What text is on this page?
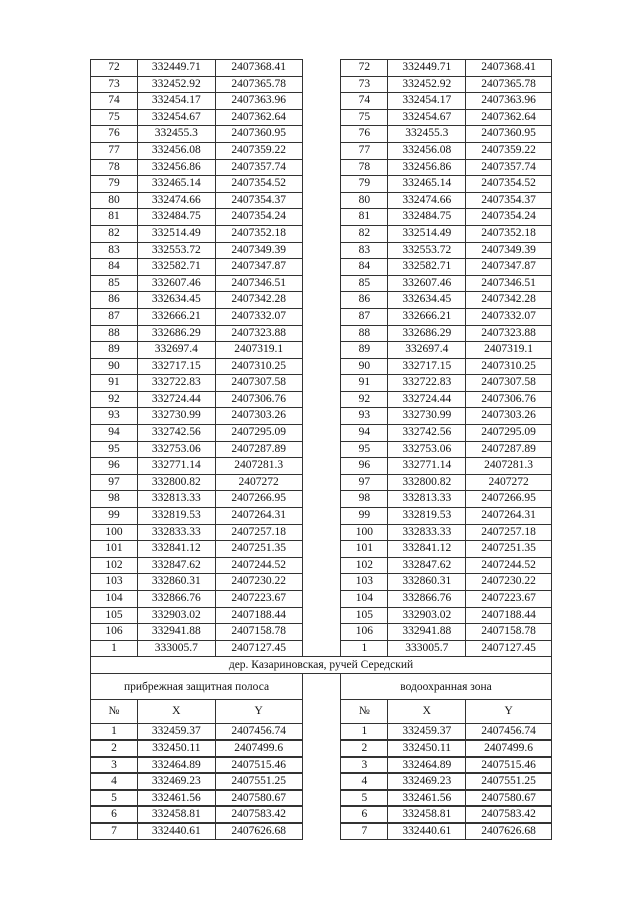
72	332449.71	2407368.41	72	332449.71	2407368.41
73	332452.92	2407365.78	73	332452.92	2407365.78
74	332454.17	2407363.96	74	332454.17	2407363.96
75	332454.67	2407362.64	75	332454.67	2407362.64
76	332455.3	2407360.95	76	332455.3	2407360.95
77	332456.08	2407359.22	77	332456.08	2407359.22
78	332456.86	2407357.74	78	332456.86	2407357.74
79	332465.14	2407354.52	79	332465.14	2407354.52
80	332474.66	2407354.37	80	332474.66	2407354.37
81	332484.75	2407354.24	81	332484.75	2407354.24
82	332514.49	2407352.18	82	332514.49	2407352.18
83	332553.72	2407349.39	83	332553.72	2407349.39
84	332582.71	2407347.87	84	332582.71	2407347.87
85	332607.46	2407346.51	85	332607.46	2407346.51
86	332634.45	2407342.28	86	332634.45	2407342.28
87	332666.21	2407332.07	87	332666.21	2407332.07
88	332686.29	2407323.88	88	332686.29	2407323.88
89	332697.4	2407319.1	89	332697.4	2407319.1
90	332717.15	2407310.25	90	332717.15	2407310.25
91	332722.83	2407307.58	91	332722.83	2407307.58
92	332724.44	2407306.76	92	332724.44	2407306.76
93	332730.99	2407303.26	93	332730.99	2407303.26
94	332742.56	2407295.09	94	332742.56	2407295.09
95	332753.06	2407287.89	95	332753.06	2407287.89
96	332771.14	2407281.3	96	332771.14	2407281.3
97	332800.82	2407272	97	332800.82	2407272
98	332813.33	2407266.95	98	332813.33	2407266.95
99	332819.53	2407264.31	99	332819.53	2407264.31
100	332833.33	2407257.18	100	332833.33	2407257.18
101	332841.12	2407251.35	101	332841.12	2407251.35
102	332847.62	2407244.52	102	332847.62	2407244.52
103	332860.31	2407230.22	103	332860.31	2407230.22
104	332866.76	2407223.67	104	332866.76	2407223.67
105	332903.02	2407188.44	105	332903.02	2407188.44
106	332941.88	2407158.78	106	332941.88	2407158.78
1	333005.7	2407127.45	1	333005.7	2407127.45
дер. Казариновская, ручей Середский
прибрежная защитная полоса	водоохранная зона
№	X	Y	№	X	Y
1	332459.37	2407456.74	1	332459.37	2407456.74
2	332450.11	2407499.6	2	332450.11	2407499.6
3	332464.89	2407515.46	3	332464.89	2407515.46
4	332469.23	2407551.25	4	332469.23	2407551.25
5	332461.56	2407580.67	5	332461.56	2407580.67
6	332458.81	2407583.42	6	332458.81	2407583.42
7	332440.61	2407626.68	7	332440.61	2407626.68
